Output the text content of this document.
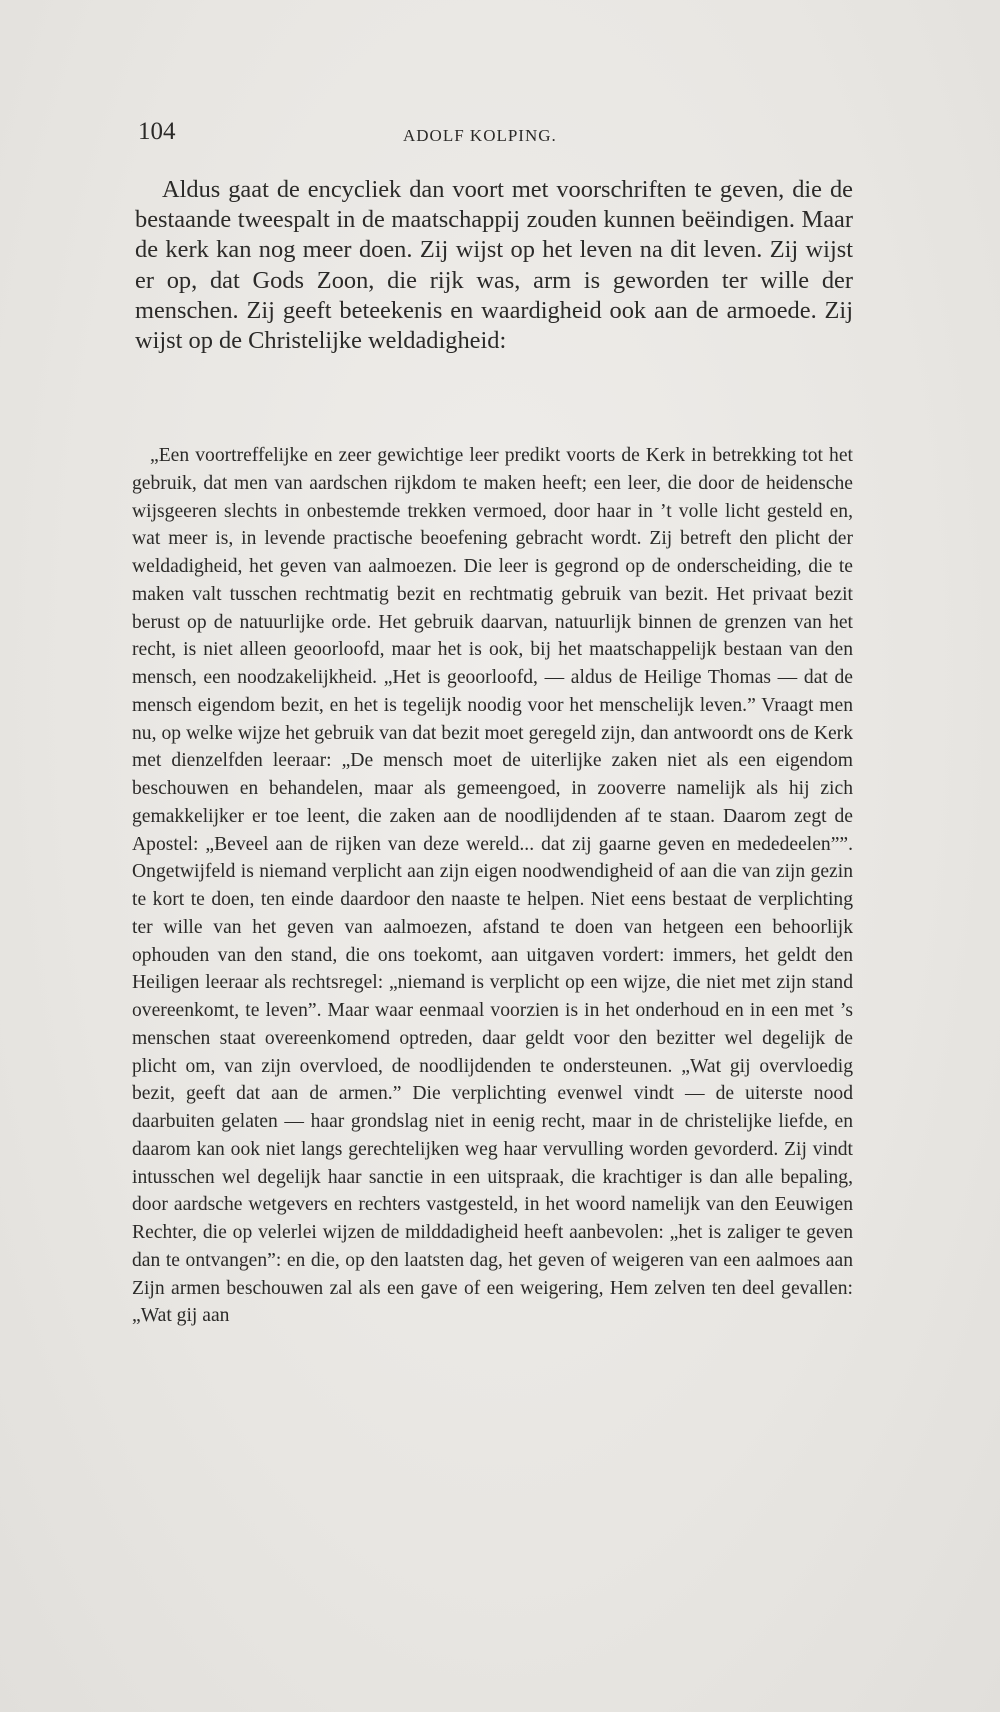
104	ADOLF KOLPING.

Aldus gaat de encycliek dan voort met voorschriften te geven, die de bestaande tweespalt in de maatschappij zouden kunnen beëindigen. Maar de kerk kan nog meer doen. Zij wijst op het leven na dit leven. Zij wijst er op, dat Gods Zoon, die rijk was, arm is geworden ter wille der menschen. Zij geeft beteekenis en waardigheid ook aan de armoede. Zij wijst op de Christelijke weldadigheid:

„Een voortreffelijke en zeer gewichtige leer predikt voorts de Kerk in betrekking tot het gebruik, dat men van aardschen rijkdom te maken heeft; een leer, die door de heidensche wijsgeeren slechts in onbestemde trekken vermoed, door haar in ’t volle licht gesteld en, wat meer is, in levende practische beoefening gebracht wordt. Zij betreft den plicht der weldadigheid, het geven van aalmoezen. Die leer is gegrond op de onderscheiding, die te maken valt tusschen rechtmatig bezit en rechtmatig gebruik van bezit. Het privaat bezit berust op de natuurlijke orde. Het gebruik daarvan, natuurlijk binnen de grenzen van het recht, is niet alleen geoorloofd, maar het is ook, bij het maatschappelijk bestaan van den mensch, een noodzakelijkheid. „Het is geoorloofd, — aldus de Heilige Thomas — dat de mensch eigendom bezit, en het is tegelijk noodig voor het menschelijk leven.” Vraagt men nu, op welke wijze het gebruik van dat bezit moet geregeld zijn, dan antwoordt ons de Kerk met dienzelfden leeraar: „De mensch moet de uiterlijke zaken niet als een eigendom beschouwen en behandelen, maar als gemeengoed, in zooverre namelijk als hij zich gemakkelijker er toe leent, die zaken aan de noodlijdenden af te staan. Daarom zegt de Apostel: „Beveel aan de rijken van deze wereld... dat zij gaarne geven en mededeelen””. Ongetwijfeld is niemand verplicht aan zijn eigen noodwendigheid of aan die van zijn gezin te kort te doen, ten einde daardoor den naaste te helpen. Niet eens bestaat de verplichting ter wille van het geven van aalmoezen, afstand te doen van hetgeen een behoorlijk ophouden van den stand, die ons toekomt, aan uitgaven vordert: immers, het geldt den Heiligen leeraar als rechtsregel: „niemand is verplicht op een wijze, die niet met zijn stand overeenkomt, te leven”. Maar waar eenmaal voorzien is in het onderhoud en in een met ’s menschen staat overeenkomend optreden, daar geldt voor den bezitter wel degelijk de plicht om, van zijn overvloed, de noodlijdenden te ondersteunen. „Wat gij overvloedig bezit, geeft dat aan de armen.” Die verplichting evenwel vindt — de uiterste nood daarbuiten gelaten — haar grondslag niet in eenig recht, maar in de christelijke liefde, en daarom kan ook niet langs gerechtelijken weg haar vervulling worden gevorderd. Zij vindt intusschen wel degelijk haar sanctie in een uitspraak, die krachtiger is dan alle bepaling, door aardsche wetgevers en rechters vastgesteld, in het woord namelijk van den Eeuwigen Rechter, die op velerlei wijzen de milddadigheid heeft aanbevolen: „het is zaliger te geven dan te ontvangen”: en die, op den laatsten dag, het geven of weigeren van een aalmoes aan Zijn armen beschouwen zal als een gave of een weigering, Hem zelven ten deel gevallen: „Wat gij aan
